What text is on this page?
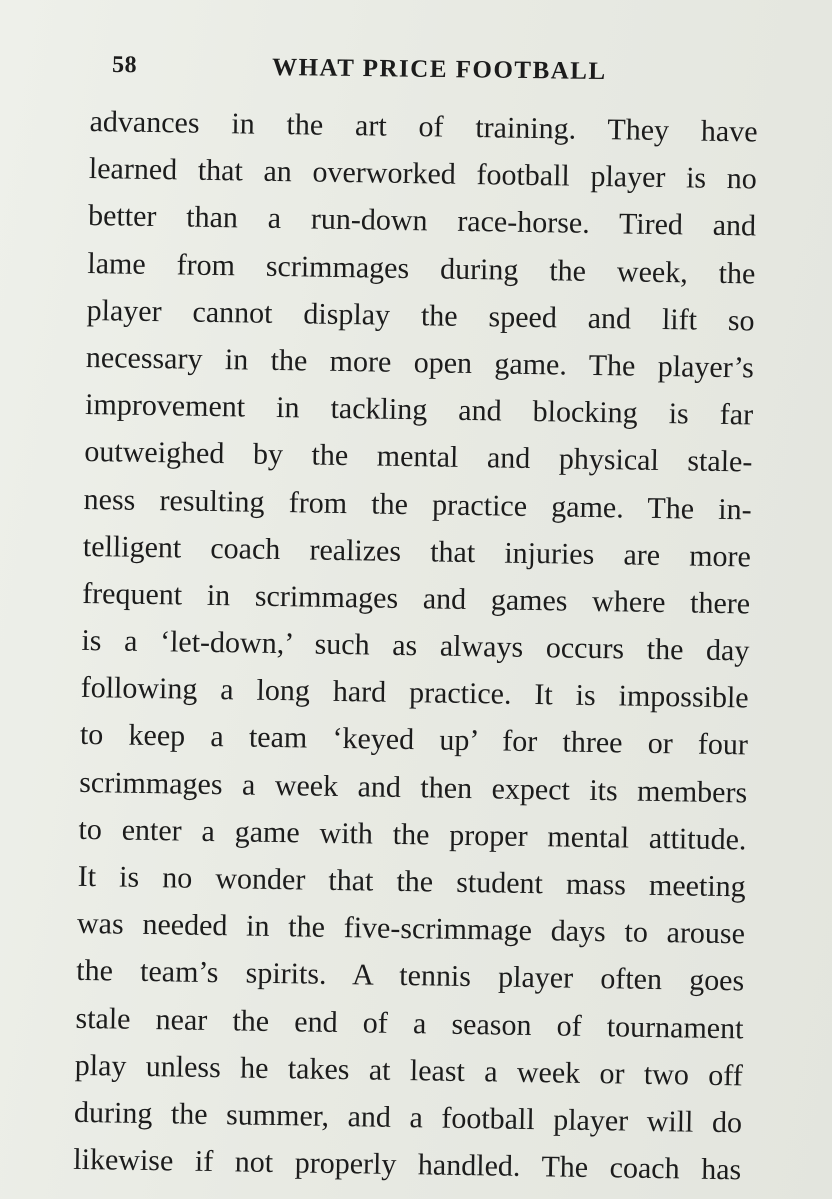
58	WHAT PRICE FOOTBALL
advances in the art of training. They have
learned that an overworked football player is no
better than a run-down race-horse. Tired and
lame from scrimmages during the week, the
player cannot display the speed and lift so
necessary in the more open game. The player’s
improvement in tackling and blocking is far
outweighed by the mental and physical stale-
ness resulting from the practice game. The in-
telligent coach realizes that injuries are more
frequent in scrimmages and games where there
is a ‘let-down,’ such as always occurs the day
following a long hard practice. It is impossible
to keep a team ‘keyed up’ for three or four
scrimmages a week and then expect its members
to enter a game with the proper mental attitude.
It is no wonder that the student mass meeting
was needed in the five-scrimmage days to arouse
the team’s spirits. A tennis player often goes
stale near the end of a season of tournament
play unless he takes at least a week or two off
during the summer, and a football player will do
likewise if not properly handled. The coach has
